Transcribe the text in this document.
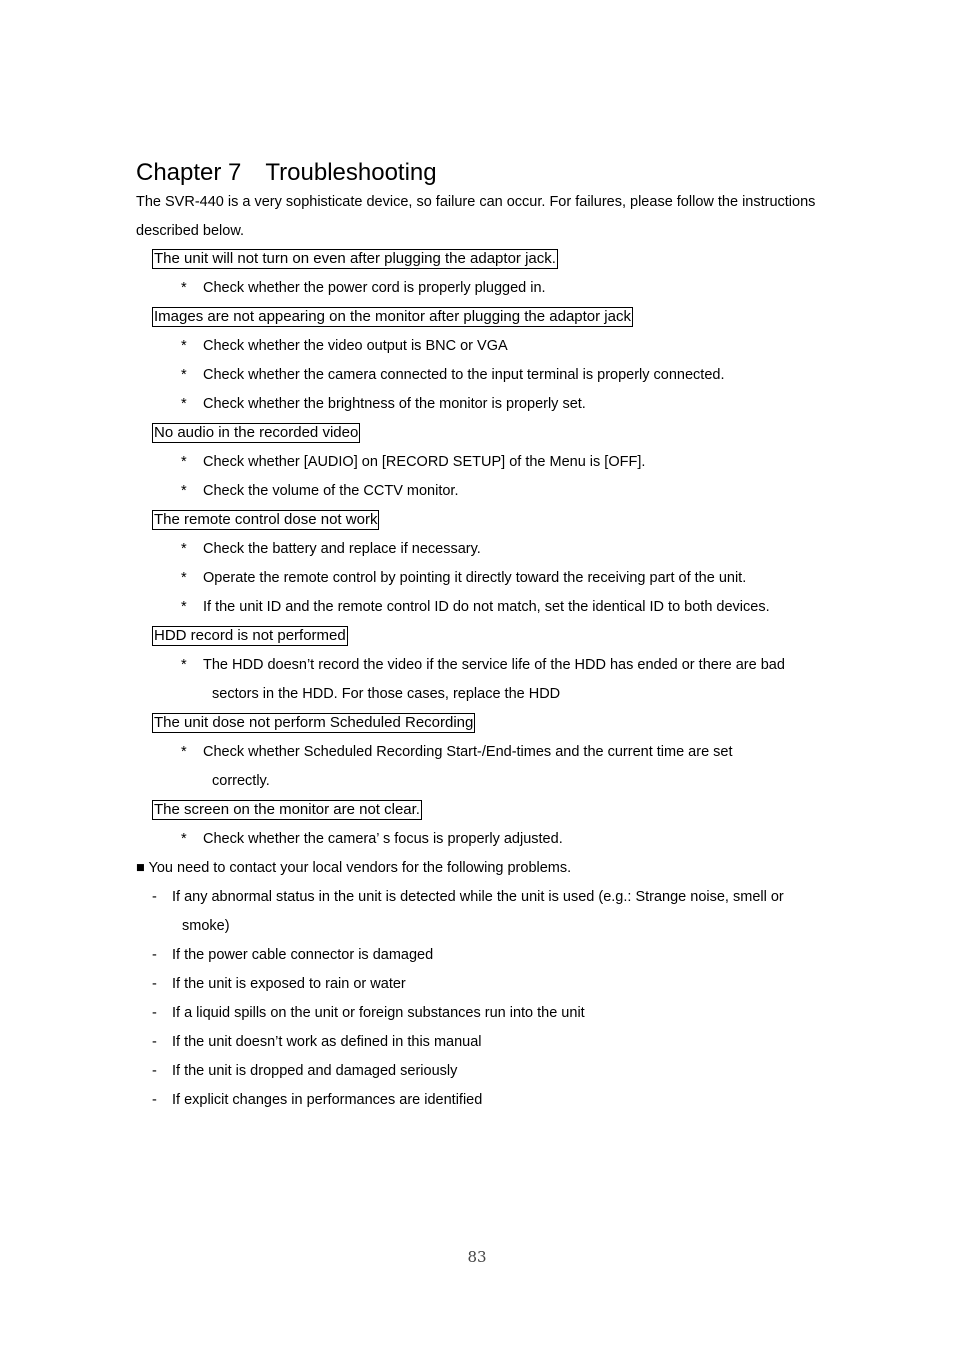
Chapter 7　Troubleshooting

The SVR-440 is a very sophisticate device, so failure can occur. For failures, please follow the instructions described below.

The unit will not turn on even after plugging the adaptor jack.
* Check whether the power cord is properly plugged in.
Images are not appearing on the monitor after plugging the adaptor jack
* Check whether the video output is BNC or VGA
* Check whether the camera connected to the input terminal is properly connected.
* Check whether the brightness of the monitor is properly set.
No audio in the recorded video
* Check whether [AUDIO] on [RECORD SETUP] of the Menu is [OFF].
* Check the volume of the CCTV monitor.
The remote control dose not work
* Check the battery and replace if necessary.
* Operate the remote control by pointing it directly toward the receiving part of the unit.
* If the unit ID and the remote control ID do not match, set the identical ID to both devices.
HDD record is not performed
* The HDD doesn’t record the video if the service life of the HDD has ended or there are bad
sectors in the HDD. For those cases, replace the HDD
The unit dose not perform Scheduled Recording
* Check whether Scheduled Recording Start-/End-times and the current time are set
correctly.
The screen on the monitor are not clear.
* Check whether the camera’ s focus is properly adjusted.
■ You need to contact your local vendors for the following problems.
- If any abnormal status in the unit is detected while the unit is used (e.g.: Strange noise, smell or
smoke)
- If the power cable connector is damaged
- If the unit is exposed to rain or water
- If a liquid spills on the unit or foreign substances run into the unit
- If the unit doesn’t work as defined in this manual
- If the unit is dropped and damaged seriously
- If explicit changes in performances are identified
83
